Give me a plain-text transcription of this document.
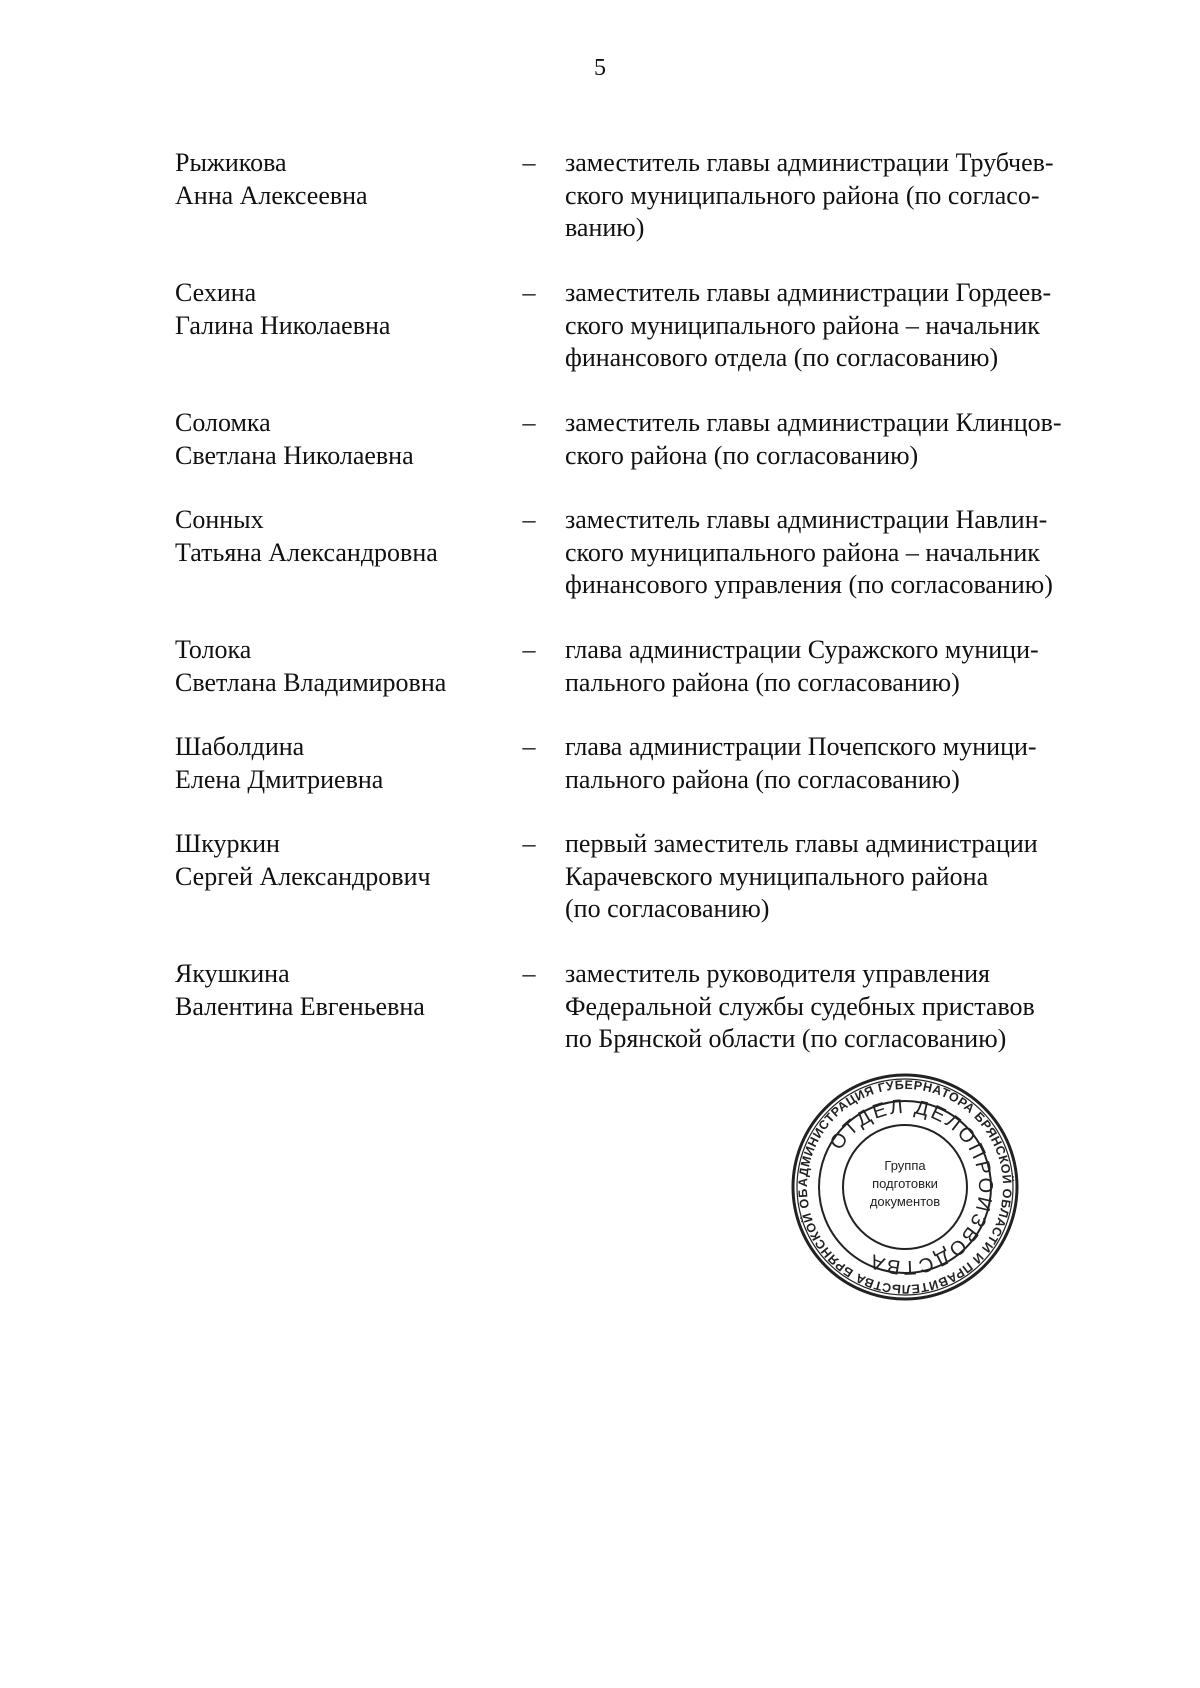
5
Рыжикова
Анна Алексеевна
–	заместитель главы администрации Трубчев-
ского муниципального района (по согласо-
ванию)
Сехина
Галина Николаевна
–	заместитель главы администрации Гордеев-
ского муниципального района – начальник
финансового отдела (по согласованию)
Соломка
Светлана Николаевна
–	заместитель главы администрации Клинцов-
ского района (по согласованию)
Сонных
Татьяна Александровна
–	заместитель главы администрации Навлин-
ского муниципального района – начальник
финансового управления (по согласованию)
Толока
Светлана Владимировна
–	глава администрации Суражского муници-
пального района (по согласованию)
Шаболдина
Елена Дмитриевна
–	глава администрации Почепского муници-
пального района (по согласованию)
Шкуркин
Сергей Александрович
–	первый заместитель главы администрации
Карачевского муниципального района
(по согласованию)
Якушкина
Валентина Евгеньевна
–	заместитель руководителя управления
Федеральной службы судебных приставов
по Брянской области (по согласованию)
АДМИНИСТРАЦИЯ ГУБЕРНАТОРА БРЯНСКОЙ ОБЛАСТИ И ПРАВИТЕЛЬСТВА БРЯНСКОЙ ОБ
ОТДЕЛ ДЕЛОПРОИЗВОДСТВА
Группа
подготовки
документов
